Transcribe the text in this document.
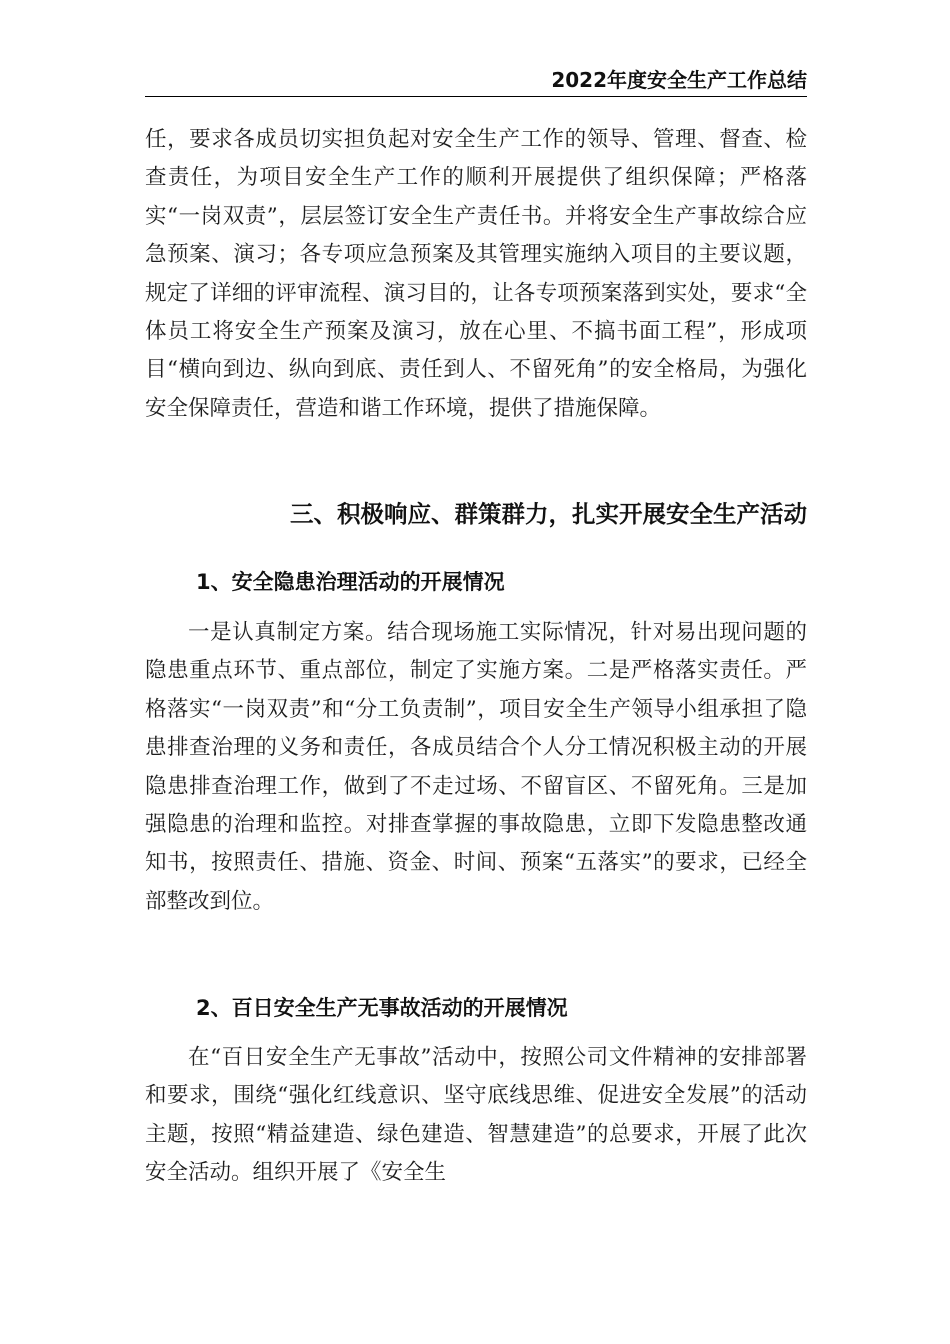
2022年度安全生产工作总结

任，要求各成员切实担负起对安全生产工作的领导、管理、督查、检查责任，为项目安全生产工作的顺利开展提供了组织保障；严格落实“一岗双责”，层层签订安全生产责任书。并将安全生产事故综合应急预案、演习；各专项应急预案及其管理实施纳入项目的主要议题，规定了详细的评审流程、演习目的，让各专项预案落到实处，要求“全体员工将安全生产预案及演习，放在心里、不搞书面工程”，形成项目“横向到边、纵向到底、责任到人、不留死角”的安全格局，为强化安全保障责任，营造和谐工作环境，提供了措施保障。

三、积极响应、群策群力，扎实开展安全生产活动
1、安全隐患治理活动的开展情况

一是认真制定方案。结合现场施工实际情况，针对易出现问题的隐患重点环节、重点部位，制定了实施方案。二是严格落实责任。严格落实“一岗双责”和“分工负责制”，项目安全生产领导小组承担了隐患排查治理的义务和责任，各成员结合个人分工情况积极主动的开展隐患排查治理工作，做到了不走过场、不留盲区、不留死角。三是加强隐患的治理和监控。对排查掌握的事故隐患，立即下发隐患整改通知书，按照责任、措施、资金、时间、预案“五落实”的要求，已经全部整改到位。

2、百日安全生产无事故活动的开展情况

在“百日安全生产无事故”活动中，按照公司文件精神的安排部署和要求，围绕“强化红线意识、坚守底线思维、促进安全发展”的活动主题，按照“精益建造、绿色建造、智慧建造”的总要求，开展了此次安全活动。组织开展了《安全生
